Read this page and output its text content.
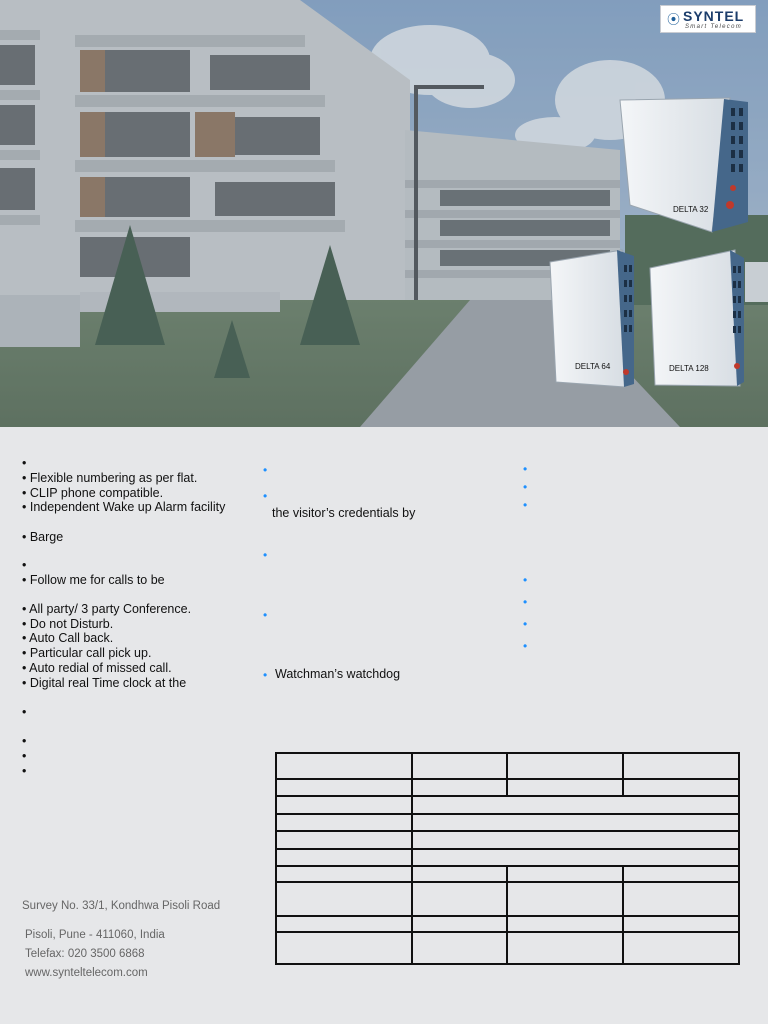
DELTA 32
DELTA 64	DELTA 128
⦿ SYNTEL
Smart Telecom
•
• Flexible numbering as per flat.
• CLIP phone compatible.
• Independent Wake up Alarm facility
• Barge
•
• Follow me for calls to be
• All party/ 3 party Conference.
• Do not Disturb.
• Auto Call back.
• Particular call pick up.
• Auto redial of missed call.
• Digital real Time clock at the
•
•
•
•
•
•
the visitor’s credentials by
•
•
• Watchman’s watchdog
•
•
•
•
•
•
•

Survey No. 33/1, Kondhwa Pisoli Road
Pisoli, Pune - 411060, India
Telefax: 020 3500 6868
www.synteltelecom.com
